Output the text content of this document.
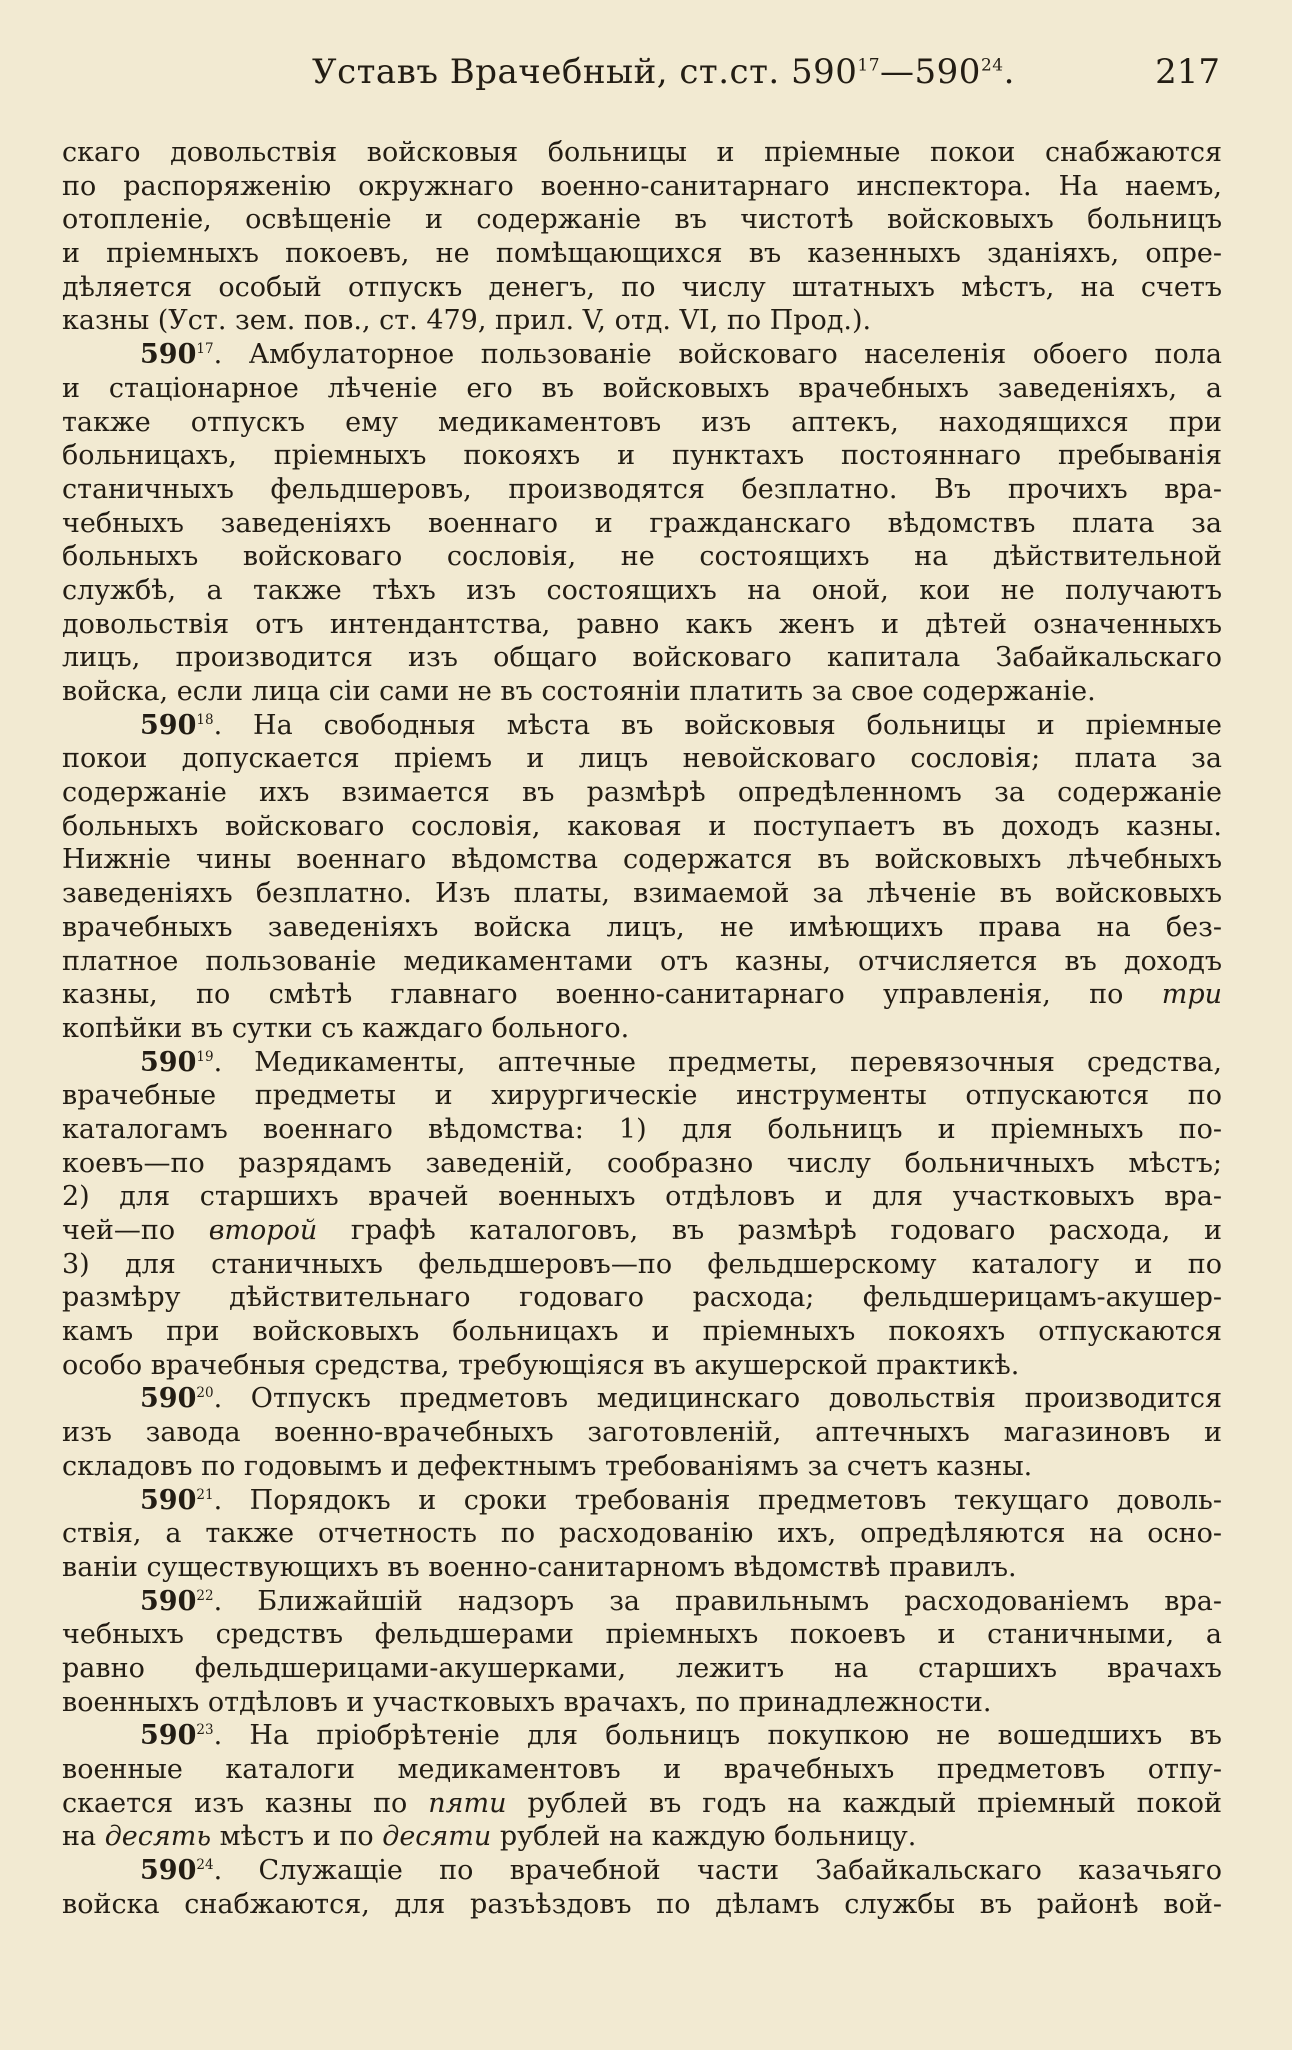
Уставъ Врачебный, ст.ст. $590^{17}—590^{24}$.	217
скаго довольствія войсковыя больницы и пріемные покои снабжаются
по распоряженію окружнаго военно-санитарнаго инспектора. На наемъ,
отопленіе, освѣщеніе и содержаніе въ чистотѣ войсковыхъ больницъ
и пріемныхъ покоевъ, не помѣщающихся въ казенныхъ зданіяхъ, опре-
дѣляется особый отпускъ денегъ, по числу штатныхъ мѣстъ, на счетъ
казны (Уст. зем. пов., ст. 479, прил. V, отд. VI, по Прод.).
$590^{17}$. Амбулаторное пользованіе войсковаго населенія обоего пола
и стаціонарное лѣченіе его въ войсковыхъ врачебныхъ заведеніяхъ, а
также отпускъ ему медикаментовъ изъ аптекъ, находящихся при
больницахъ, пріемныхъ покояхъ и пунктахъ постояннаго пребыванія
станичныхъ фельдшеровъ, производятся безплатно. Въ прочихъ вра-
чебныхъ заведеніяхъ военнаго и гражданскаго вѣдомствъ плата за
больныхъ войсковаго сословія, не состоящихъ на дѣйствительной
службѣ, а также тѣхъ изъ состоящихъ на оной, кои не получаютъ
довольствія отъ интендантства, равно какъ женъ и дѣтей означенныхъ
лицъ, производится изъ общаго войсковаго капитала Забайкальскаго
войска, если лица сіи сами не въ состояніи платить за свое содержаніе.
$590^{18}$. На свободныя мѣста въ войсковыя больницы и пріемные
покои допускается пріемъ и лицъ невойсковаго сословія; плата за
содержаніе ихъ взимается въ размѣрѣ опредѣленномъ за содержаніе
больныхъ войсковаго сословія, каковая и поступаетъ въ доходъ казны.
Нижніе чины военнаго вѣдомства содержатся въ войсковыхъ лѣчебныхъ
заведеніяхъ безплатно. Изъ платы, взимаемой за лѣченіе въ войсковыхъ
врачебныхъ заведеніяхъ войска лицъ, не имѣющихъ права на без-
платное пользованіе медикаментами отъ казны, отчисляется въ доходъ
казны, по смѣтѣ главнаго военно-санитарнаго управленія, по три
копѣйки въ сутки съ каждаго больного.
$590^{19}$. Медикаменты, аптечные предметы, перевязочныя средства,
врачебные предметы и хирургическіе инструменты отпускаются по
каталогамъ военнаго вѣдомства: 1) для больницъ и пріемныхъ по-
коевъ—по разрядамъ заведеній, сообразно числу больничныхъ мѣстъ;
2) для старшихъ врачей военныхъ отдѣловъ и для участковыхъ вра-
чей—по второй графѣ каталоговъ, въ размѣрѣ годоваго расхода, и
3) для станичныхъ фельдшеровъ—по фельдшерскому каталогу и по
размѣру дѣйствительнаго годоваго расхода; фельдшерицамъ-акушер-
камъ при войсковыхъ больницахъ и пріемныхъ покояхъ отпускаются
особо врачебныя средства, требующіяся въ акушерской практикѣ.
$590^{20}$. Отпускъ предметовъ медицинскаго довольствія производится
изъ завода военно-врачебныхъ заготовленій, аптечныхъ магазиновъ и
складовъ по годовымъ и дефектнымъ требованіямъ за счетъ казны.
$590^{21}$. Порядокъ и сроки требованія предметовъ текущаго доволь-
ствія, а также отчетность по расходованію ихъ, опредѣляются на осно-
ваніи существующихъ въ военно-санитарномъ вѣдомствѣ правилъ.
$590^{22}$. Ближайшій надзоръ за правильнымъ расходованіемъ вра-
чебныхъ средствъ фельдшерами пріемныхъ покоевъ и станичными, а
равно фельдшерицами-акушерками, лежитъ на старшихъ врачахъ
военныхъ отдѣловъ и участковыхъ врачахъ, по принадлежности.
$590^{23}$. На пріобрѣтеніе для больницъ покупкою не вошедшихъ въ
военные каталоги медикаментовъ и врачебныхъ предметовъ отпу-
скается изъ казны по пяти рублей въ годъ на каждый пріемный покой
на десять мѣстъ и по десяти рублей на каждую больницу.
$590^{24}$. Служащіе по врачебной части Забайкальскаго казачьяго
войска снабжаются, для разъѣздовъ по дѣламъ службы въ районѣ вой-
